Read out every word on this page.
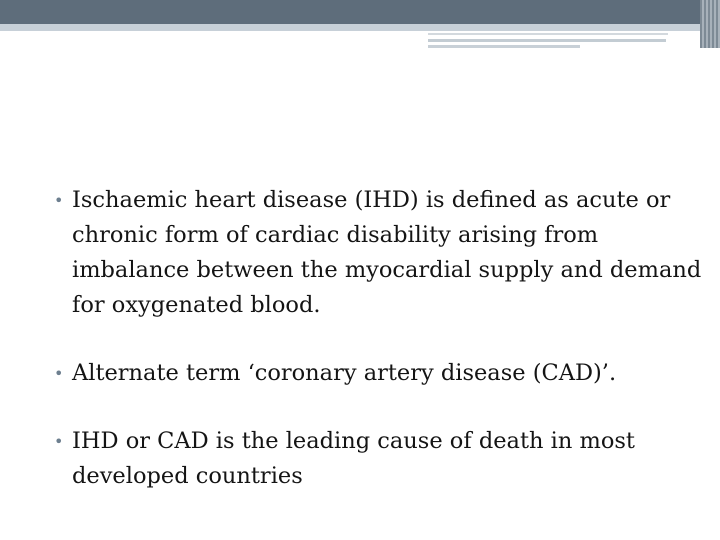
• Ischaemic heart disease (IHD) is defined as acute or chronic form of cardiac disability arising from imbalance between the myocardial supply and demand for oxygenated blood.
• Alternate term ‘coronary artery disease (CAD)’.
• IHD or CAD is the leading cause of death in most developed countries
